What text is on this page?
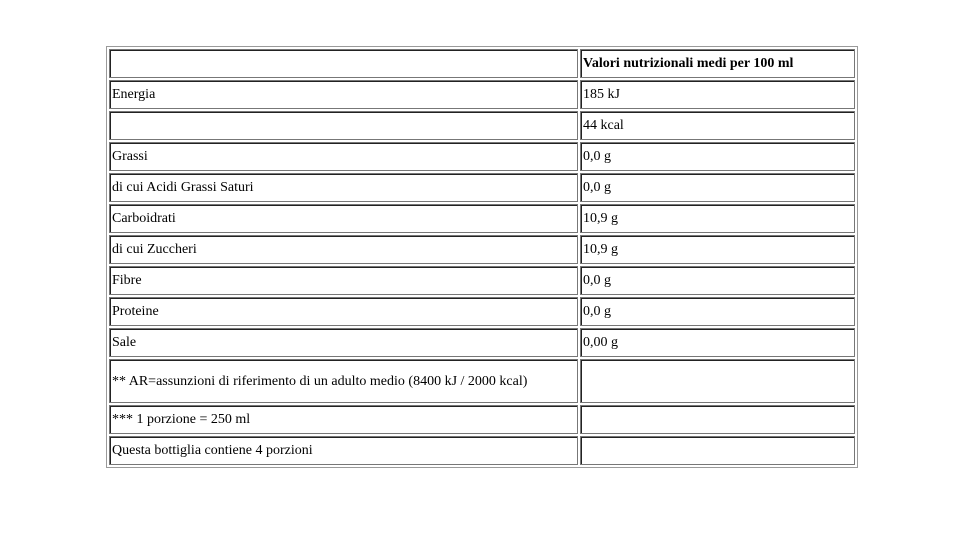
	Valori nutrizionali medi per 100 ml
Energia	185 kJ
	44 kcal
Grassi	0,0 g
di cui Acidi Grassi Saturi	0,0 g
Carboidrati	10,9 g
di cui Zuccheri	10,9 g
Fibre	0,0 g
Proteine	0,0 g
Sale	0,00 g
** AR=assunzioni di riferimento di un adulto medio (8400 kJ / 2000 kcal)	
*** 1 porzione = 250 ml	
Questa bottiglia contiene 4 porzioni	
